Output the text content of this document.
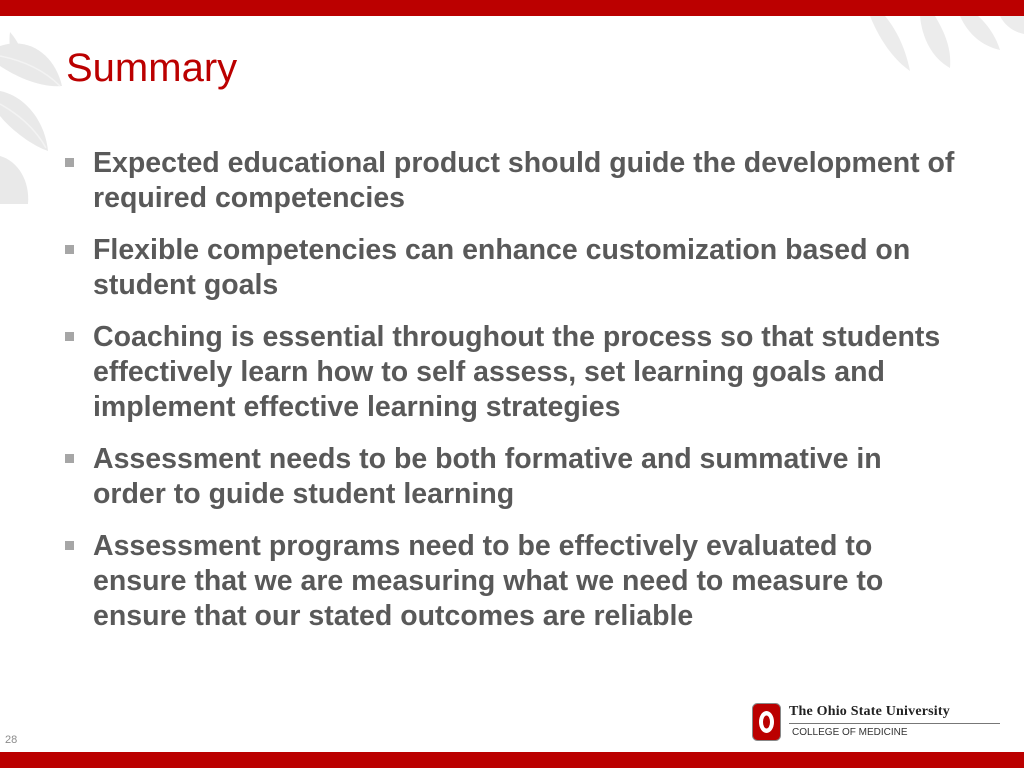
Summary
Expected educational product should guide the development of required competencies
Flexible competencies can enhance customization based on student goals
Coaching is essential throughout the process so that students effectively learn how to self assess, set learning goals and implement effective learning strategies
Assessment needs to be both formative and summative in order to guide student learning
Assessment programs need to be effectively evaluated to ensure that we are measuring what we need to measure to ensure that our stated outcomes are reliable
The Ohio State University
COLLEGE OF MEDICINE
28
